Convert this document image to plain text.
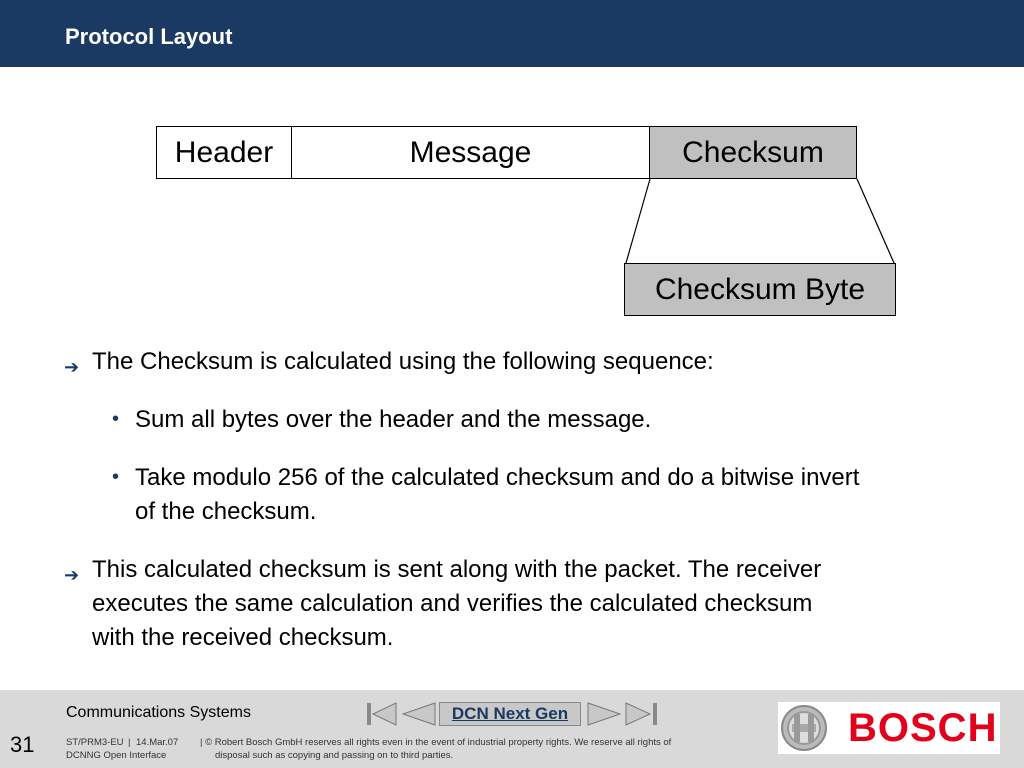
Protocol Layout
Header	Message	Checksum
Checksum Byte
➔ The Checksum is calculated using the following sequence:
• Sum all bytes over the header and the message.
• Take modulo 256 of the calculated checksum and do a bitwise invert
of the checksum.
➔ This calculated checksum is sent along with the packet. The receiver
executes the same calculation and verifies the calculated checksum
with the received checksum.
Communications Systems
31	ST/PRM3-EU | 14.Mar.07
DCNNG Open Interface
| © Robert Bosch GmbH reserves all rights even in the event of industrial property rights. We reserve all rights of
disposal such as copying and passing on to third parties.
DCN Next Gen	BOSCH
